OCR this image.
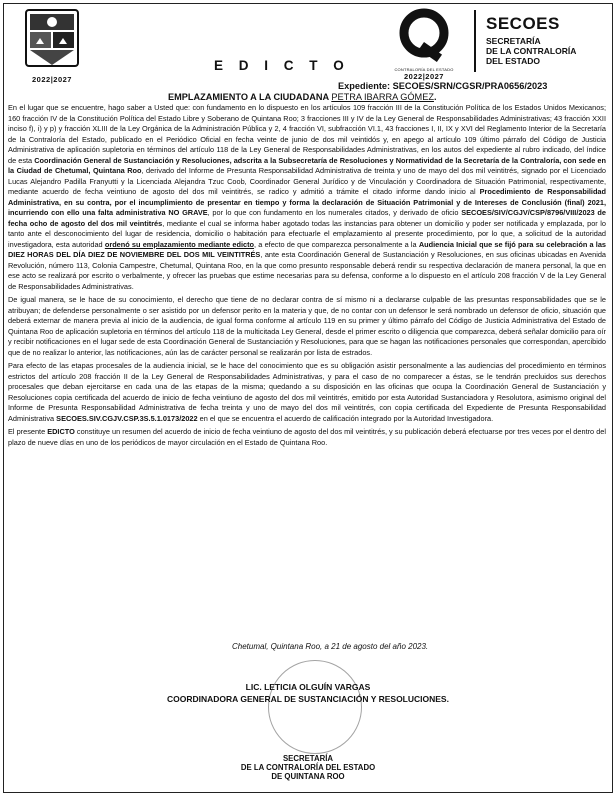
2022|2027
CONTRALORÍA DEL ESTADO
2022|2027
SECOES
SECRETARÍA
DE LA CONTRALORÍA
DEL ESTADO
E D I C T O
Expediente: SECOES/SRN/CGSR/PRA0656/2023
EMPLAZAMIENTO A LA CIUDADANA PETRA IBARRA GÓMEZ.

En el lugar que se encuentre, hago saber a Usted que: con fundamento en lo dispuesto en los artículos 109 fracción III de la Constitución Política de los Estados Unidos Mexicanos; 160 fracción IV de la Constitución Política del Estado Libre y Soberano de Quintana Roo; 3 fracciones III y IV de la Ley General de Responsabilidades Administrativas; 43 fracción XXII inciso f), i) y p) y fracción XLIII de la Ley Orgánica de la Administración Pública y 2, 4 fracción VI, subfracción VI.1, 43 fracciones I, II, IX y XVI del Reglamento Interior de la Secretaría de la Contraloría del Estado, publicado en el Periódico Oficial en fecha veinte de junio de dos mil veintidós y, en apego al artículo 109 último párrafo del Código de Justicia Administrativa de aplicación supletoria en términos del artículo 118 de la Ley General de Responsabilidades Administrativas, en los autos del expediente al rubro indicado, del índice de esta Coordinación General de Sustanciación y Resoluciones, adscrita a la Subsecretaría de Resoluciones y Normatividad de la Secretaría de la Contraloría, con sede en la Ciudad de Chetumal, Quintana Roo, derivado del Informe de Presunta Responsabilidad Administrativa de treinta y uno de mayo del dos mil veintitrés, signado por el Licenciado Lucas Alejandro Padilla Franyutti y la Licenciada Alejandra Tzuc Coob, Coordinador General Jurídico y de Vinculación y Coordinadora de Situación Patrimonial, respectivamente, mediante acuerdo de fecha veintiuno de agosto del dos mil veintitrés, se radico y admitió a trámite el citado informe dando inicio al Procedimiento de Responsabilidad Administrativa, en su contra, por el incumplimiento de presentar en tiempo y forma la declaración de Situación Patrimonial y de Intereses de Conclusión (final) 2021, incurriendo con ello una falta administrativa NO GRAVE, por lo que con fundamento en los numerales citados, y derivado de oficio SECOES/SIV/CGJV/CSP/8796/VIII/2023 de fecha ocho de agosto del dos mil veintitrés, mediante el cual se informa haber agotado todas las instancias para obtener un domicilio y poder ser notificada y emplazada, por lo tanto ante el desconocimiento del lugar de residencia, domicilio o habitación para efectuarle el emplazamiento al presente procedimiento, por lo que, a solicitud de la autoridad investigadora, esta autoridad ordenó su emplazamiento mediante edicto, a efecto de que comparezca personalmente a la Audiencia Inicial que se fijó para su celebración a las DIEZ HORAS DEL DÍA DIEZ DE NOVIEMBRE DEL DOS MIL VEINTITRÉS, ante esta Coordinación General de Sustanciación y Resoluciones, en sus oficinas ubicadas en Avenida Revolución, número 113, Colonia Campestre, Chetumal, Quintana Roo, en la que como presunto responsable deberá rendir su respectiva declaración de manera personal, la que en ese acto se realizará por escrito o verbalmente, y ofrecer las pruebas que estime necesarias para su defensa, conforme a lo dispuesto en el artículo 208 fracción V de la Ley General de Responsabilidades Administrativas.

De igual manera, se le hace de su conocimiento, el derecho que tiene de no declarar contra de sí mismo ni a declararse culpable de las presuntas responsabilidades que se le atribuyan; de defenderse personalmente o ser asistido por un defensor perito en la materia y que, de no contar con un defensor le será nombrado un defensor de oficio, situación que deberá externar de manera previa al inicio de la audiencia, de igual forma conforme al artículo 119 en su primer y último párrafo del Código de Justicia Administrativa del Estado de Quintana Roo de aplicación supletoria en términos del artículo 118 de la multicitada Ley General, desde el primer escrito o diligencia que comparezca, deberá señalar domicilio para oír y recibir notificaciones en el lugar sede de esta Coordinación General de Sustanciación y Resoluciones, para que se hagan las notificaciones personales que correspondan, apercibido que de no realizar lo anterior, las notificaciones, aún las de carácter personal se realizarán por lista de estrados.

Para efecto de las etapas procesales de la audiencia inicial, se le hace del conocimiento que es su obligación asistir personalmente a las audiencias del procedimiento en términos estrictos del artículo 208 fracción II de la Ley General de Responsabilidades Administrativas, y para el caso de no comparecer a éstas, se le tendrán precluidos sus derechos procesales que deban ejercitarse en cada una de las etapas de la misma; quedando a su disposición en las oficinas que ocupa la Coordinación General de Sustanciación y Resoluciones copia certificada del acuerdo de inicio de fecha veintiuno de agosto del dos mil veintitrés, emitido por esta Autoridad Sustanciadora y Resolutora, asimismo original del Informe de Presunta Responsabilidad Administrativa de fecha treinta y uno de mayo del dos mil veintitrés, con copia certificada del Expediente de Presunta Responsabilidad Administrativa SECOES.SIV.CGJV.CSP.3S.5.1.0173/2022 en el que se encuentra el acuerdo de calificación integrado por la Autoridad Investigadora.

El presente EDICTO constituye un resumen del acuerdo de inicio de fecha veintiuno de agosto del dos mil veintitrés, y su publicación deberá efectuarse por tres veces por el dentro del plazo de nueve días en uno de los periódicos de mayor circulación en el Estado de Quintana Roo.

Chetumal, Quintana Roo, a 21 de agosto del año 2023.
LIC. LETICIA OLGUÍN VARGAS
COORDINADORA GENERAL DE SUSTANCIACIÓN Y RESOLUCIONES.
SECRETARÍA
DE LA CONTRALORÍA DEL ESTADO
DE QUINTANA ROO
